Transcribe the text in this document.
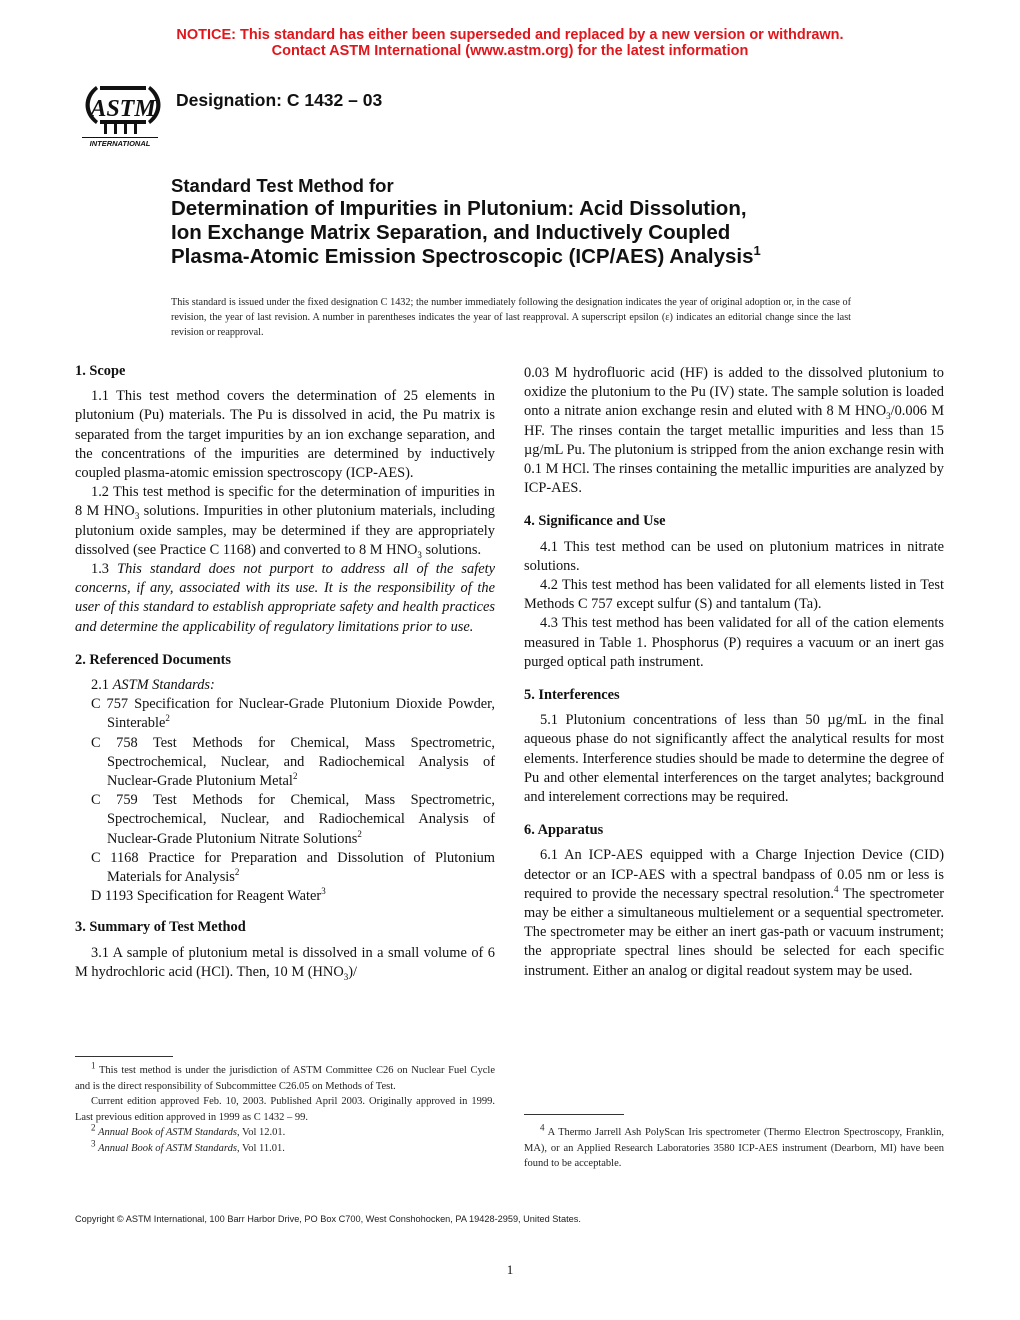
NOTICE: This standard has either been superseded and replaced by a new version or withdrawn.
Contact ASTM International (www.astm.org) for the latest information
ASTM
INTERNATIONAL
Designation: C 1432 – 03
Standard Test Method for
Determination of Impurities in Plutonium: Acid Dissolution,
Ion Exchange Matrix Separation, and Inductively Coupled
Plasma-Atomic Emission Spectroscopic (ICP/AES) Analysis$^1$
This standard is issued under the fixed designation C 1432; the number immediately following the designation indicates the year of original adoption or, in the case of revision, the year of last revision. A number in parentheses indicates the year of last reapproval. A superscript epsilon (ε) indicates an editorial change since the last revision or reapproval.
1. Scope

1.1 This test method covers the determination of 25 elements in plutonium (Pu) materials. The Pu is dissolved in acid, the Pu matrix is separated from the target impurities by an ion exchange separation, and the concentrations of the impurities are determined by inductively coupled plasma-atomic emission spectroscopy (ICP-AES).

1.2 This test method is specific for the determination of impurities in 8 M $HNO_3$ solutions. Impurities in other plutonium materials, including plutonium oxide samples, may be determined if they are appropriately dissolved (see Practice C 1168) and converted to 8 M $HNO_3$ solutions.

1.3 This standard does not purport to address all of the safety concerns, if any, associated with its use. It is the responsibility of the user of this standard to establish appropriate safety and health practices and determine the applicability of regulatory limitations prior to use.

2. Referenced Documents

2.1 ASTM Standards:

C 757 Specification for Nuclear-Grade Plutonium Dioxide Powder, Sinterable$^2$

C 758 Test Methods for Chemical, Mass Spectrometric, Spectrochemical, Nuclear, and Radiochemical Analysis of Nuclear-Grade Plutonium Metal$^2$

C 759 Test Methods for Chemical, Mass Spectrometric, Spectrochemical, Nuclear, and Radiochemical Analysis of Nuclear-Grade Plutonium Nitrate Solutions$^2$

C 1168 Practice for Preparation and Dissolution of Plutonium Materials for Analysis$^2$

D 1193 Specification for Reagent Water$^3$

3. Summary of Test Method

3.1 A sample of plutonium metal is dissolved in a small volume of 6 M hydrochloric acid (HCl). Then, 10 M $(HNO_3)/$

$^1$ This test method is under the jurisdiction of ASTM Committee C26 on Nuclear Fuel Cycle and is the direct responsibility of Subcommittee C26.05 on Methods of Test.

Current edition approved Feb. 10, 2003. Published April 2003. Originally approved in 1999. Last previous edition approved in 1999 as C 1432 – 99.

$^2$ Annual Book of ASTM Standards, Vol 12.01.

$^3$ Annual Book of ASTM Standards, Vol 11.01.

0.03 M hydrofluoric acid (HF) is added to the dissolved plutonium to oxidize the plutonium to the Pu (IV) state. The sample solution is loaded onto a nitrate anion exchange resin and eluted with 8 M $HNO_3/0.006$ M HF. The rinses contain the target metallic impurities and less than 15 µg/mL Pu. The plutonium is stripped from the anion exchange resin with 0.1 M HCl. The rinses containing the metallic impurities are analyzed by ICP-AES.

4. Significance and Use

4.1 This test method can be used on plutonium matrices in nitrate solutions.

4.2 This test method has been validated for all elements listed in Test Methods C 757 except sulfur (S) and tantalum (Ta).

4.3 This test method has been validated for all of the cation elements measured in Table 1. Phosphorus (P) requires a vacuum or an inert gas purged optical path instrument.

5. Interferences

5.1 Plutonium concentrations of less than 50 µg/mL in the final aqueous phase do not significantly affect the analytical results for most elements. Interference studies should be made to determine the degree of Pu and other elemental interferences on the target analytes; background and interelement corrections may be required.

6. Apparatus

6.1 An ICP-AES equipped with a Charge Injection Device (CID) detector or an ICP-AES with a spectral bandpass of 0.05 nm or less is required to provide the necessary spectral resolution.$^4$ The spectrometer may be either a simultaneous multielement or a sequential spectrometer. The spectrometer may be either an inert gas-path or vacuum instrument; the appropriate spectral lines should be selected for each specific instrument. Either an analog or digital readout system may be used.

$^4$ A Thermo Jarrell Ash PolyScan Iris spectrometer (Thermo Electron Spectroscopy, Franklin, MA), or an Applied Research Laboratories 3580 ICP-AES instrument (Dearborn, MI) have been found to be acceptable.

Copyright © ASTM International, 100 Barr Harbor Drive, PO Box C700, West Conshohocken, PA 19428-2959, United States.
1
